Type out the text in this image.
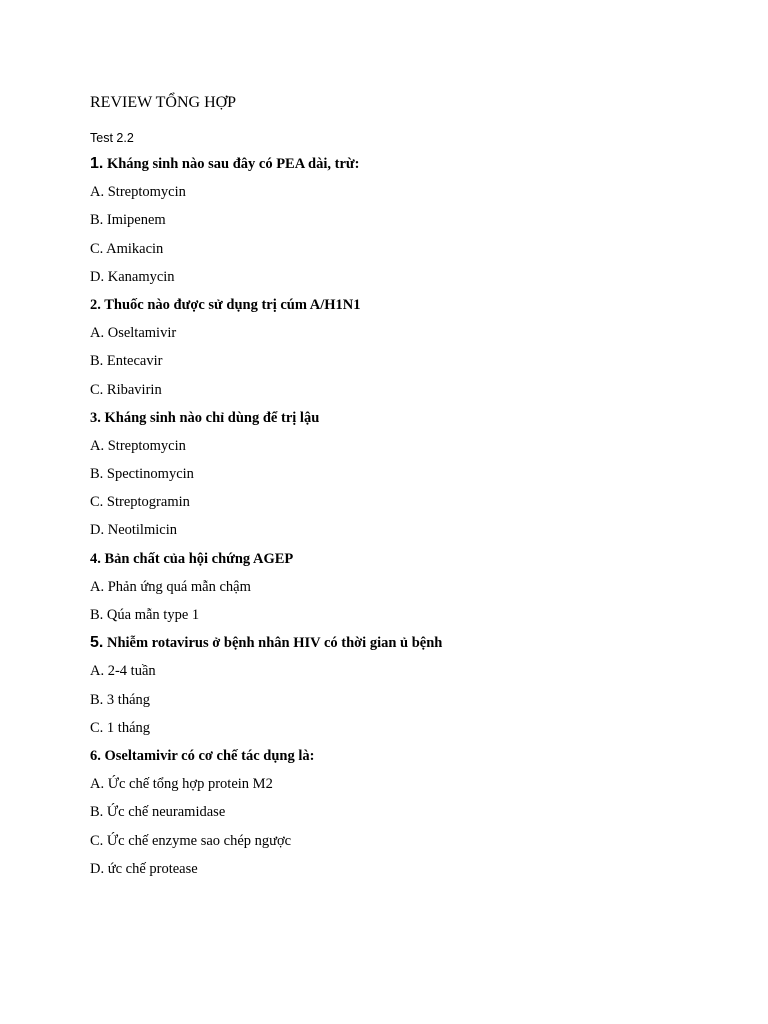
REVIEW TỔNG HỢP
Test 2.2
1. Kháng sinh nào sau đây có PEA dài, trừ:
A. Streptomycin
B. Imipenem
C. Amikacin
D. Kanamycin
2. Thuốc nào được sử dụng trị cúm A/H1N1
A. Oseltamivir
B. Entecavir
C. Ribavirin
3. Kháng sinh nào chỉ dùng để trị lậu
A. Streptomycin
B. Spectinomycin
C. Streptogramin
D. Neotilmicin
4. Bản chất của hội chứng AGEP
A. Phản ứng quá mẫn chậm
B. Qúa mẫn type 1
5. Nhiễm rotavirus ở bệnh nhân HIV có thời gian ủ bệnh
A. 2-4 tuần
B. 3 tháng
C. 1 tháng
6. Oseltamivir có cơ chế tác dụng là:
A. Ức chế tổng hợp protein M2
B. Ức chế neuramidase
C. Ức chế enzyme sao chép ngược
D. ức chế protease
